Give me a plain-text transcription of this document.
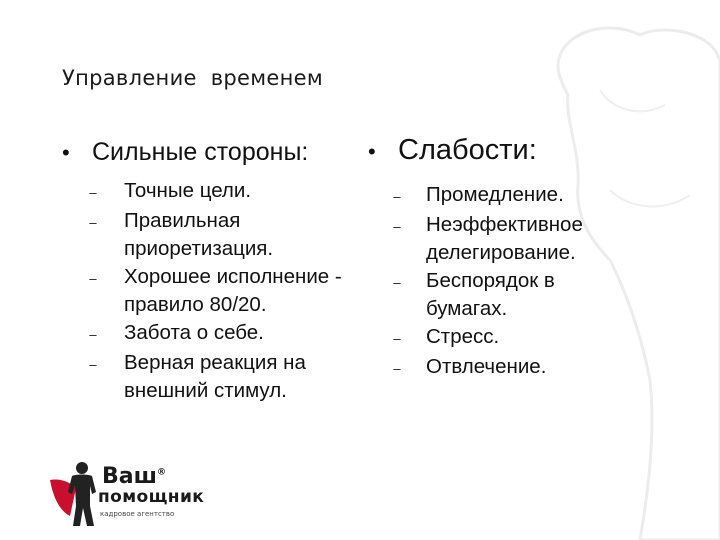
Управление  временем
• Сильные стороны:
–	Точные цели.
–	Правильная приоретизация.
–	Хорошее исполнение - правило 80/20.
–	Забота о себе.
–	Верная реакция на внешний стимул.
• Слабости:
–	Промедление.
–	Неэффективное делегирование.
–	Беспорядок в бумагах.
–	Стресс.
–	Отвлечение.
Ваш®
помощник
кадровое агентство
